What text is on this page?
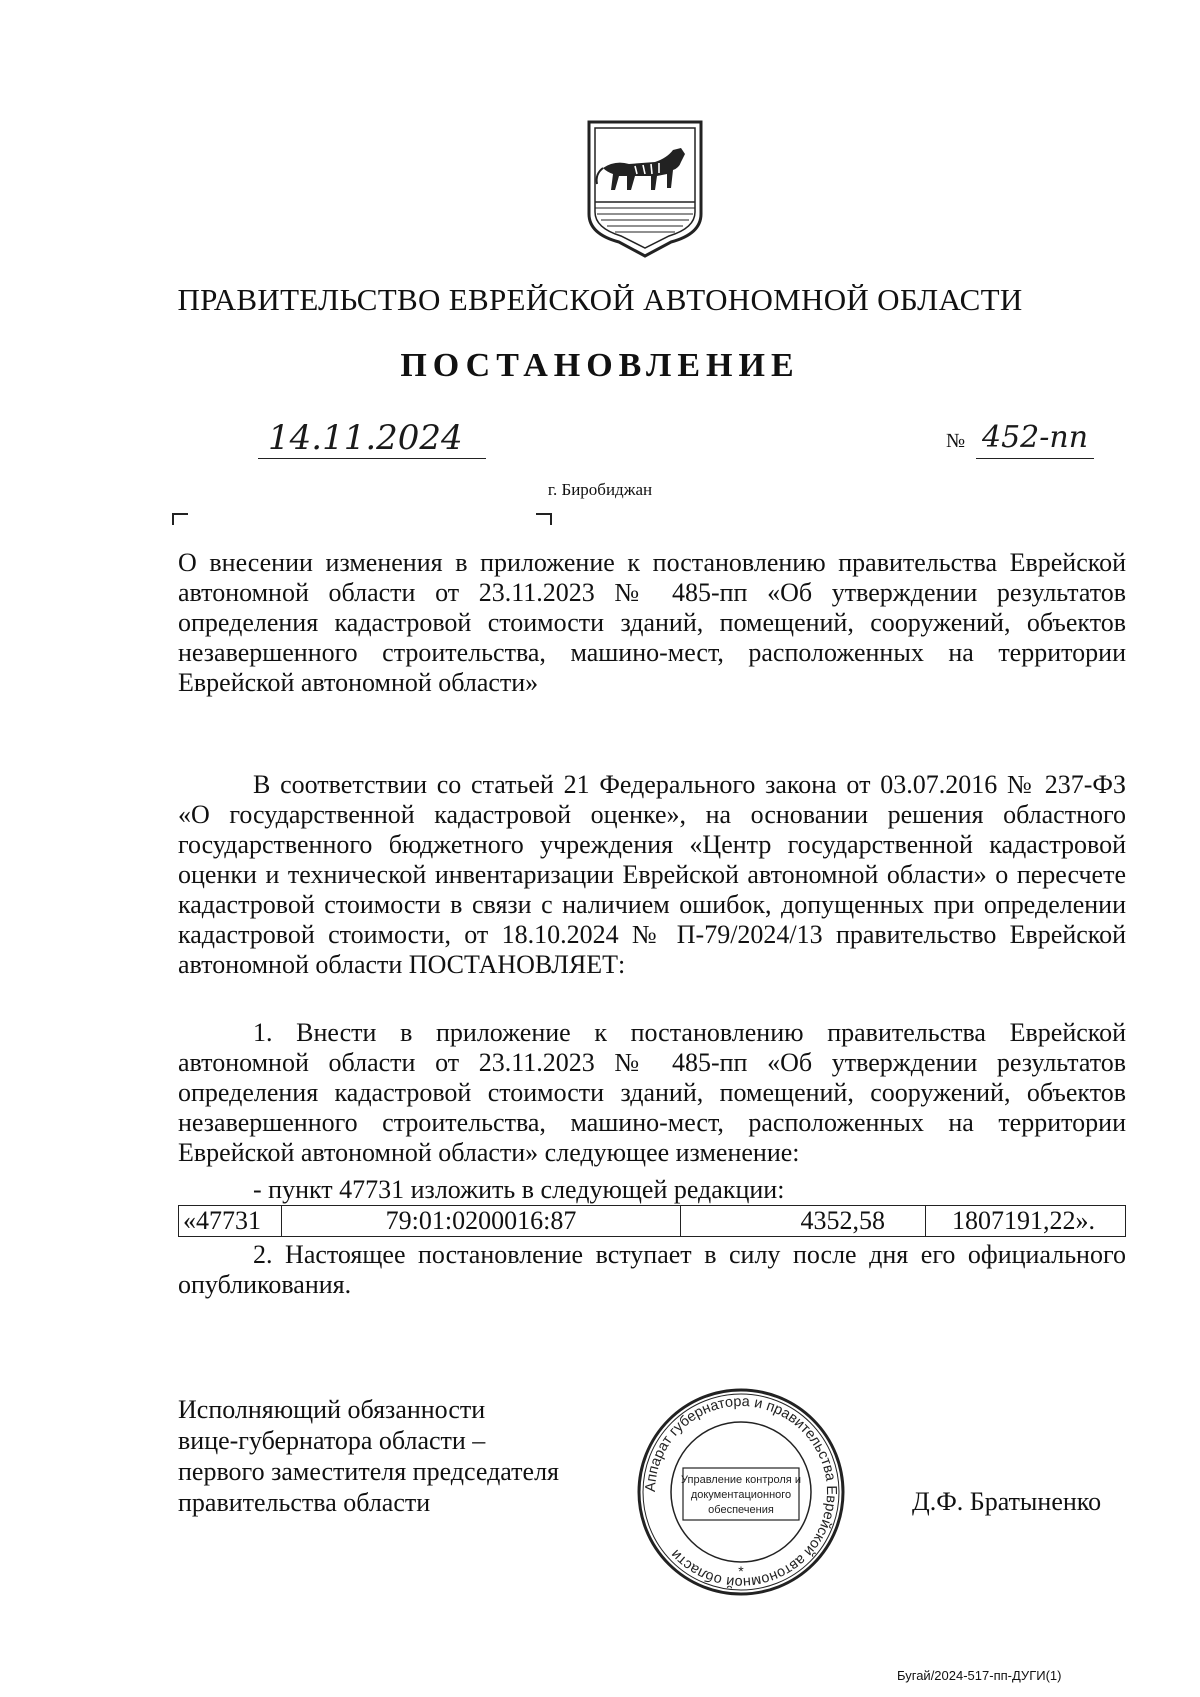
ПРАВИТЕЛЬСТВО ЕВРЕЙСКОЙ АВТОНОМНОЙ ОБЛАСТИ
ПОСТАНОВЛЕНИЕ
14.11.2024	№ 452-пп
г. Биробиджан
О внесении изменения в приложение к постановлению правительства Еврейской автономной области от 23.11.2023 № 485-пп «Об утверждении результатов определения кадастровой стоимости зданий, помещений, сооружений, объектов незавершенного строительства, машино-мест, расположенных на территории Еврейской автономной области»
В соответствии со статьей 21 Федерального закона от 03.07.2016 № 237-ФЗ «О государственной кадастровой оценке», на основании решения областного государственного бюджетного учреждения «Центр государственной кадастровой оценки и технической инвентаризации Еврейской автономной области» о пересчете кадастровой стоимости в связи с наличием ошибок, допущенных при определении кадастровой стоимости, от 18.10.2024 № П-79/2024/13 правительство Еврейской автономной области ПОСТАНОВЛЯЕТ:
1. Внести в приложение к постановлению правительства Еврейской автономной области от 23.11.2023 № 485-пп «Об утверждении результатов определения кадастровой стоимости зданий, помещений, сооружений, объектов незавершенного строительства, машино-мест, расположенных на территории Еврейской автономной области» следующее изменение:
- пункт 47731 изложить в следующей редакции:
«47731	79:01:0200016:87	4352,58	1807191,22».
2. Настоящее постановление вступает в силу после дня его официального опубликования.
Исполняющий обязанности
вице-губернатора области –
первого заместителя председателя
правительства области
Аппарат губернатора и правительства Еврейской автономной области
Управление контроля и
документационного
обеспечения
*
Д.Ф. Братыненко
Бугай/2024-517-пп-ДУГИ(1)
